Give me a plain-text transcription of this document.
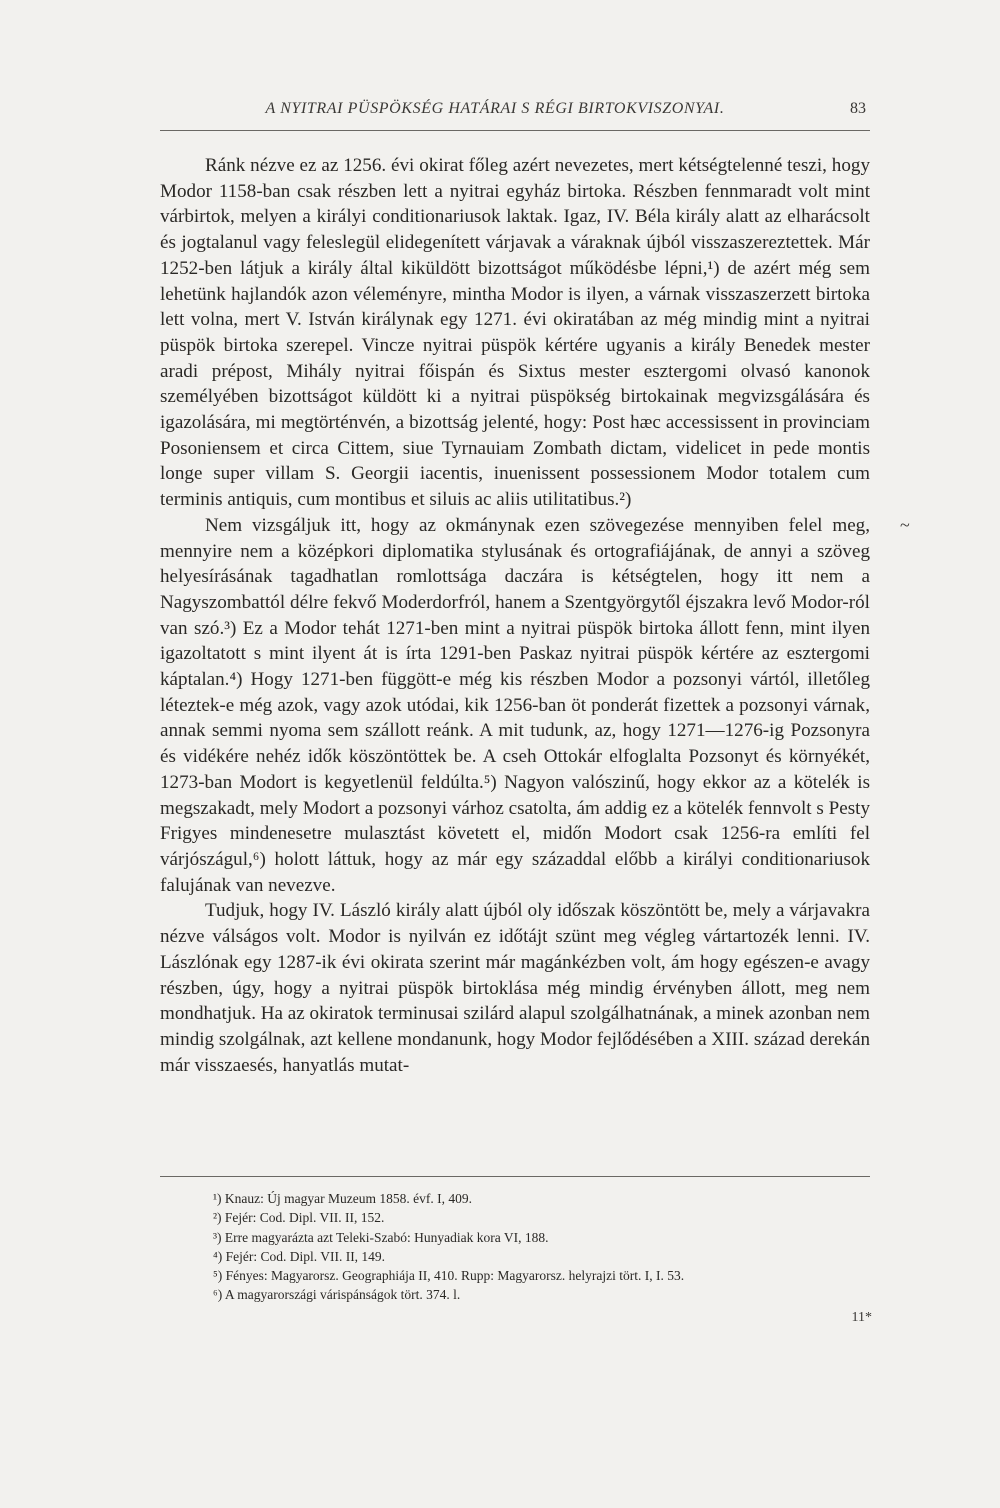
A NYITRAI PÜSPÖKSÉG HATÁRAI S RÉGI BIRTOKVISZONYAI.	83

Ránk nézve ez az 1256. évi okirat főleg azért nevezetes, mert kétségtelenné teszi, hogy Modor 1158-ban csak részben lett a nyitrai egyház birtoka. Részben fennmaradt volt mint várbirtok, melyen a királyi conditionariusok laktak. Igaz, IV. Béla király alatt az elharácsolt és jogtalanul vagy feleslegül elidegenített várjavak a váraknak újból visszaszereztettek. Már 1252-ben látjuk a király által kiküldött bizottságot működésbe lépni,¹) de azért még sem lehetünk hajlandók azon véleményre, mintha Modor is ilyen, a várnak visszaszerzett birtoka lett volna, mert V. István királynak egy 1271. évi okiratában az még mindig mint a nyitrai püspök birtoka szerepel. Vincze nyitrai püspök kértére ugyanis a király Benedek mester aradi prépost, Mihály nyitrai főispán és Sixtus mester esztergomi olvasó kanonok személyében bizottságot küldött ki a nyitrai püspökség birtokainak megvizsgálására és igazolására, mi megtörténvén, a bizottság jelenté, hogy: Post hæc accessissent in provinciam Posoniensem et circa Cittem, siue Tyrnauiam Zombath dictam, videlicet in pede montis longe super villam S. Georgii iacentis, inuenissent possessionem Modor totalem cum terminis antiquis, cum montibus et siluis ac aliis utilitatibus.²)

Nem vizsgáljuk itt, hogy az okmánynak ezen szövegezése mennyiben felel meg, mennyire nem a középkori diplomatika stylusának és ortografiájának, de annyi a szöveg helyesírásának tagadhatlan romlottsága daczára is kétségtelen, hogy itt nem a Nagyszombattól délre fekvő Moderdorfról, hanem a Szentgyörgytől éjszakra levő Modor-ról van szó.³) Ez a Modor tehát 1271-ben mint a nyitrai püspök birtoka állott fenn, mint ilyen igazoltatott s mint ilyent át is írta 1291-ben Paskaz nyitrai püspök kértére az esztergomi káptalan.⁴) Hogy 1271-ben függött-e még kis részben Modor a pozsonyi vártól, illetőleg léteztek-e még azok, vagy azok utódai, kik 1256-ban öt ponderát fizettek a pozsonyi várnak, annak semmi nyoma sem szállott reánk. A mit tudunk, az, hogy 1271—1276-ig Pozsonyra és vidékére nehéz idők köszöntöttek be. A cseh Ottokár elfoglalta Pozsonyt és környékét, 1273-ban Modort is kegyetlenül feldúlta.⁵) Nagyon valószinű, hogy ekkor az a kötelék is megszakadt, mely Modort a pozsonyi várhoz csatolta, ám addig ez a kötelék fennvolt s Pesty Frigyes mindenesetre mulasztást követett el, midőn Modort csak 1256-ra említi fel várjószágul,⁶) holott láttuk, hogy az már egy századdal előbb a királyi conditionariusok falujának van nevezve.

Tudjuk, hogy IV. László király alatt újból oly időszak köszöntött be, mely a várjavakra nézve válságos volt. Modor is nyilván ez időtájt szünt meg végleg vártartozék lenni. IV. Lászlónak egy 1287-ik évi okirata szerint már magánkézben volt, ám hogy egészen-e avagy részben, úgy, hogy a nyitrai püspök birtoklása még mindig érvényben állott, meg nem mondhatjuk. Ha az okiratok terminusai szilárd alapul szolgálhatnának, a minek azonban nem mindig szolgálnak, azt kellene mondanunk, hogy Modor fejlődésében a XIII. század derekán már visszaesés, hanyatlás mutat-

~
¹) Knauz: Új magyar Muzeum 1858. évf. I, 409.
²) Fejér: Cod. Dipl. VII. II, 152.
³) Erre magyarázta azt Teleki-Szabó: Hunyadiak kora VI, 188.
⁴) Fejér: Cod. Dipl. VII. II, 149.
⁵) Fényes: Magyarorsz. Geographiája II, 410. Rupp: Magyarorsz. helyrajzi tört. I, I. 53.
⁶) A magyarországi várispánságok tört. 374. l.
11*
